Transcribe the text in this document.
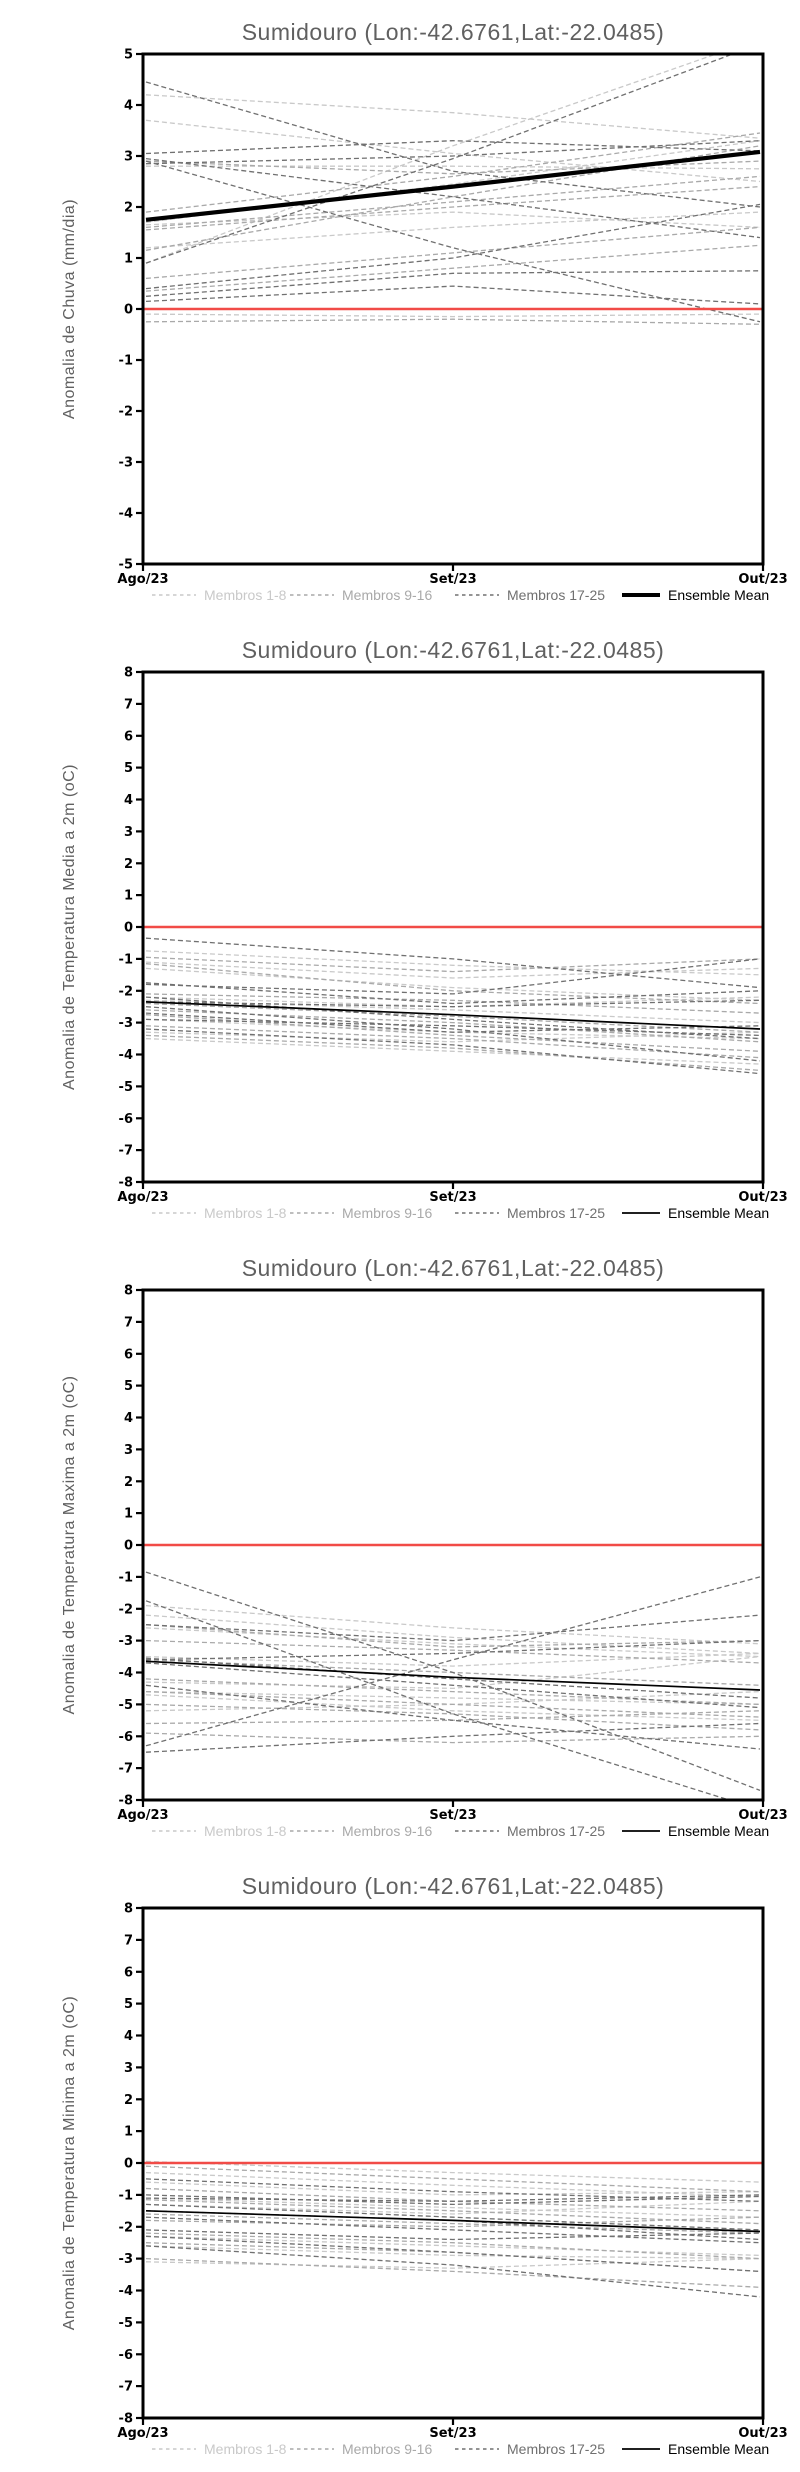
Sumidouro (Lon:-42.6761,Lat:-22.0485)
Anomalia de Chuva (mm/dia)
5
4
3
2
1
0
-1
-2
-3
-4
-5
Ago/23	Set/23	Out/23
Membros 1-8	Membros 9-16	Membros 17-25	Ensemble Mean
Sumidouro (Lon:-42.6761,Lat:-22.0485)
Anomalia de Temperatura Media a 2m (oC)
8
7
6
5
4
3
2
1
0
-1
-2
-3
-4
-5
-6
-7
-8
Ago/23	Set/23	Out/23
Membros 1-8	Membros 9-16	Membros 17-25	Ensemble Mean
Sumidouro (Lon:-42.6761,Lat:-22.0485)
Anomalia de Temperatura Maxima a 2m (oC)
8
7
6
5
4
3
2
1
0
-1
-2
-3
-4
-5
-6
-7
-8
Ago/23	Set/23	Out/23
Membros 1-8	Membros 9-16	Membros 17-25	Ensemble Mean
Sumidouro (Lon:-42.6761,Lat:-22.0485)
Anomalia de Temperatura Minima a 2m (oC)
8
7
6
5
4
3
2
1
0
-1
-2
-3
-4
-5
-6
-7
-8
Ago/23	Set/23	Out/23
Membros 1-8	Membros 9-16	Membros 17-25	Ensemble Mean
